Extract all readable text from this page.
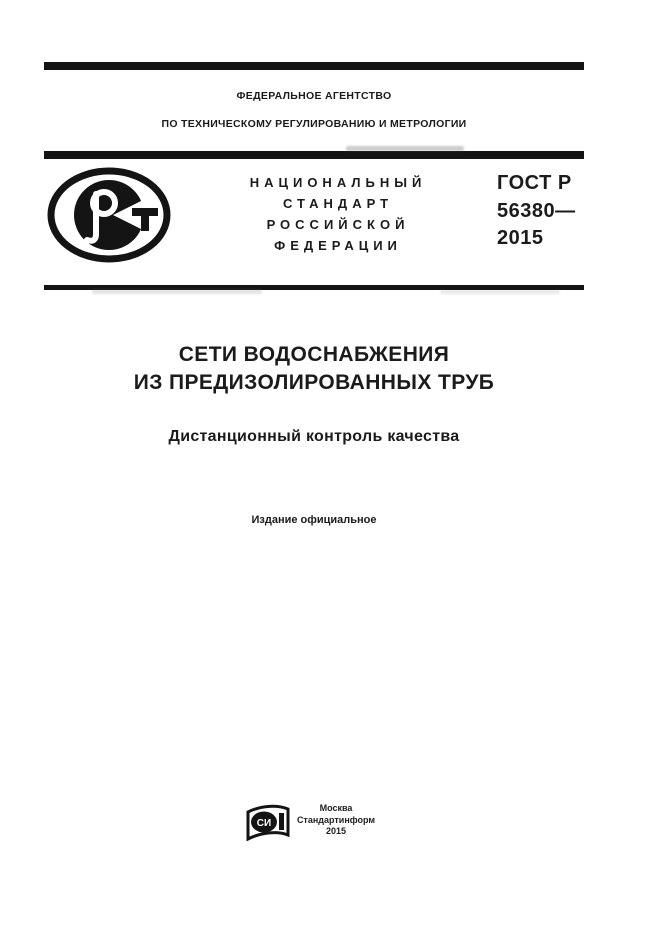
ФЕДЕРАЛЬНОЕ АГЕНТСТВО
ПО ТЕХНИЧЕСКОМУ РЕГУЛИРОВАНИЮ И МЕТРОЛОГИИ
НАЦИОНАЛЬНЫЙ
СТАНДАРТ
РОССИЙСКОЙ
ФЕДЕРАЦИИ
ГОСТ Р
56380—
2015
СЕТИ ВОДОСНАБЖЕНИЯ
ИЗ ПРЕДИЗОЛИРОВАННЫХ ТРУБ
Дистанционный контроль качества
Издание официальное
СИ
Москва
Стандартинформ
2015
